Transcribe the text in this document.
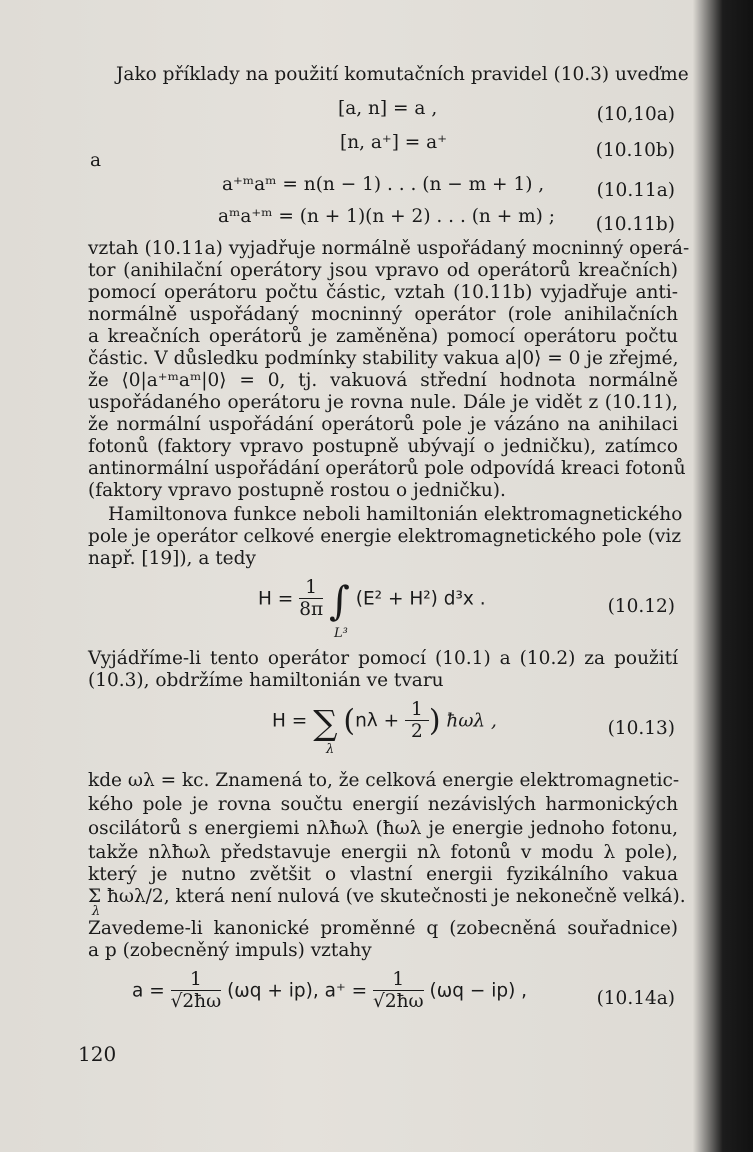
Jako příklady na použití komutačních pravidel (10.3) uveďme
[a, n] = a ,	(10,10a)
[n, a⁺] = a⁺	(10.10b)
a
a⁺ᵐaᵐ = n(n − 1) . . . (n − m + 1) ,	(10.11a)
aᵐa⁺ᵐ = (n + 1)(n + 2) . . . (n + m) ; (10.11b)
vztah (10.11a) vyjadřuje normálně uspořádaný mocninný operá-
tor (anihilační operátory jsou vpravo od operátorů kreačních)
pomocí operátoru počtu částic, vztah (10.11b) vyjadřuje anti-
normálně uspořádaný mocninný operátor (role anihilačních
a kreačních operátorů je zaměněna) pomocí operátoru počtu
částic. V důsledku podmínky stability vakua a|0⟩ = 0 je zřejmé,
že ⟨0|a⁺ᵐaᵐ|0⟩ = 0, tj. vakuová střední hodnota normálně
uspořádaného operátoru je rovna nule. Dále je vidět z (10.11),
že normální uspořádání operátorů pole je vázáno na anihilaci
fotonů (faktory vpravo postupně ubývají o jedničku), zatímco
antinormální uspořádání operátorů pole odpovídá kreaci fotonů
(faktory vpravo postupně rostou o jedničku).
Hamiltonova funkce neboli hamiltonián elektromagnetického
pole je operátor celkové energie elektromagnetického pole (viz
např. [19]), a tedy
$H = \frac{1}{8\pi}$ ∫ (E² + H²) d³x .
L³
(10.12)
Vyjádříme-li tento operátor pomocí (10.1) a (10.2) za použití
(10.3), obdržíme hamiltonián ve tvaru
H = ∑ ($n\lambda + \frac{1}{2}$ ) ħωλ ,
λ
(10.13)
kde ωλ = kc. Znamená to, že celková energie elektromagnetic-
kého pole je rovna součtu energií nezávislých harmonických
oscilátorů s energiemi nλħωλ (ħωλ je energie jednoho fotonu,
takže nλħωλ představuje energii nλ fotonů v modu λ pole),
který je nutno zvětšit o vlastní energii fyzikálního vakua
Σ ħωλ/2, která není nulová (ve skutečnosti je nekonečně velká).
λ
Zavedeme-li kanonické proměnné q (zobecněná souřadnice)
a p (zobecněný impuls) vztahy
$a = \frac{1}{√2ħ\omega} (\omega q + ip)$, $a^+ = \frac{1}{√2ħ\omega} (\omega q - ip)$ ,	(10.14a)
120
